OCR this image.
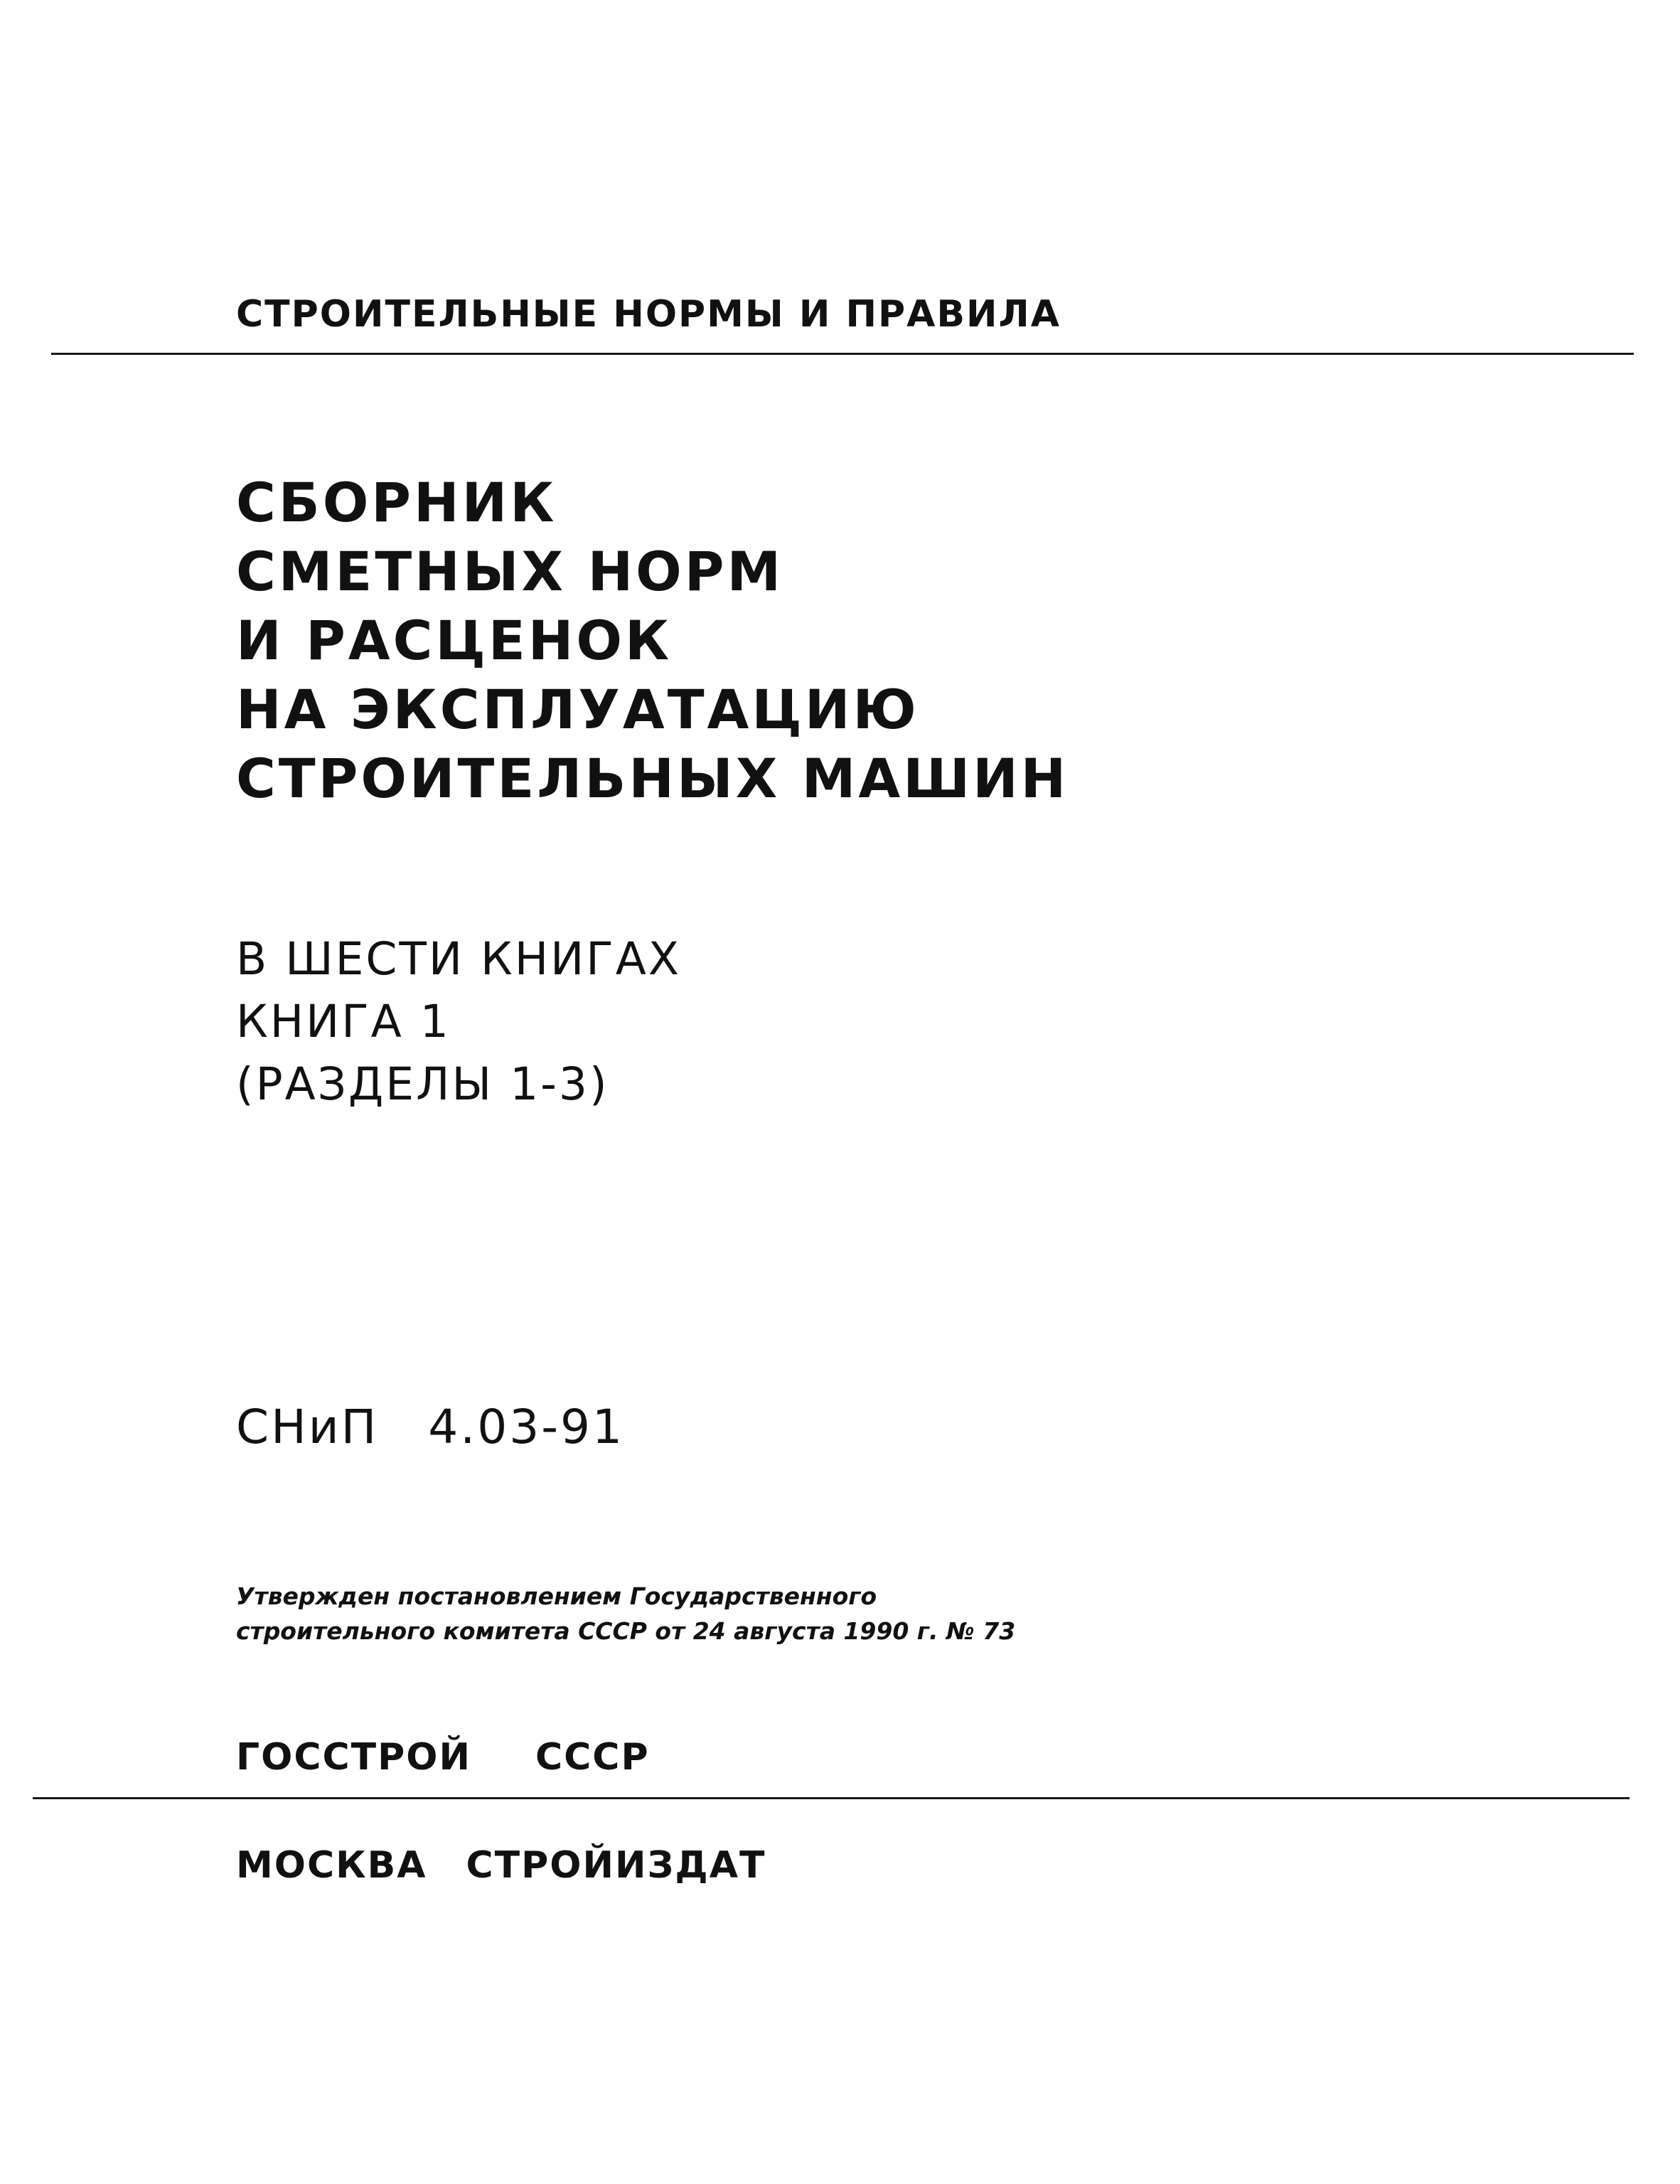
СТРОИТЕЛЬНЫЕ НОРМЫ И ПРАВИЛА
СБОРНИК
СМЕТНЫХ НОРМ
И РАСЦЕНОК
НА ЭКСПЛУАТАЦИЮ
СТРОИТЕЛЬНЫХ МАШИН
В ШЕСТИ КНИГАХ
КНИГА 1
(РАЗДЕЛЫ 1-3)
СНиП 4.03-91
Утвержден постановлением Государственного
строительного комитета СССР от 24 августа 1990 г. № 73
ГОССТРОЙ СССР
МОСКВА СТРОЙИЗДАТ
